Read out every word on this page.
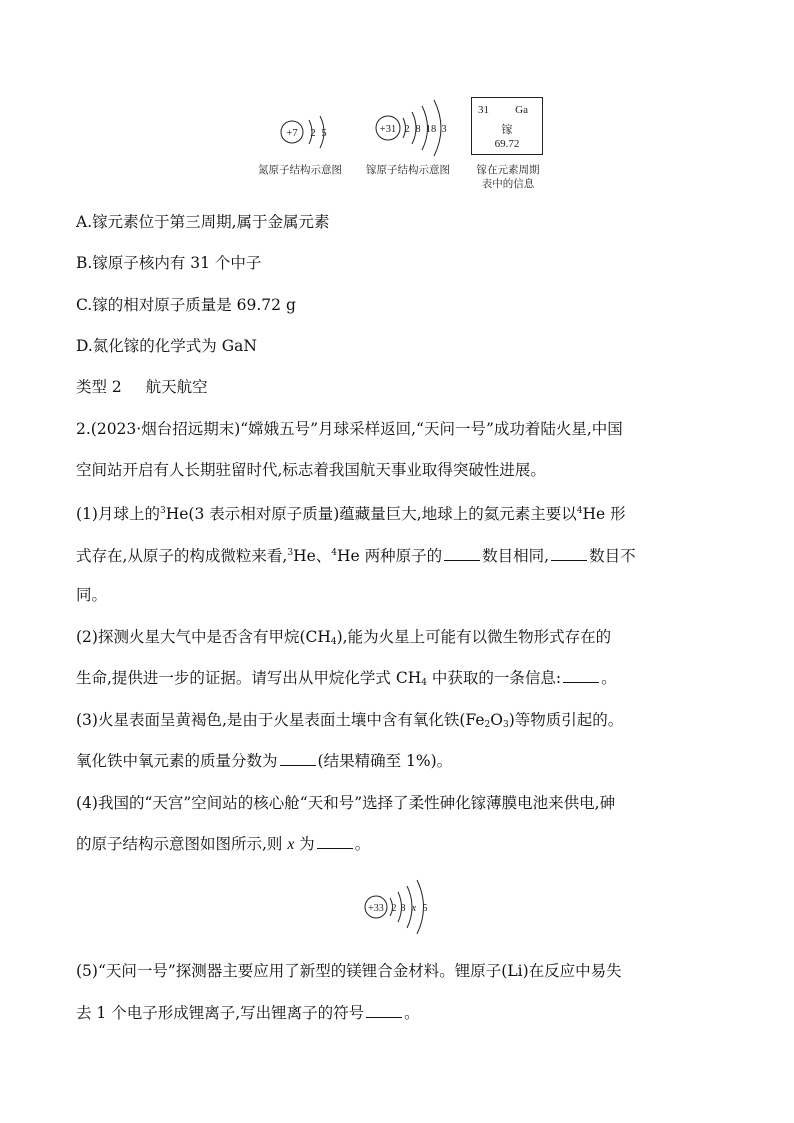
+7 2 5	+31 2 8 18 3
31 Ga
镓
69.72
氮原子结构示意图	镓原子结构示意图	镓在元素周期
表中的信息
A.镓元素位于第三周期,属于金属元素
B.镓原子核内有 31 个中子
C.镓的相对原子质量是 69.72 g
D.氮化镓的化学式为 GaN
类型 2 航天航空
2.(2023·烟台招远期末)“嫦娥五号”月球采样返回,“天问一号”成功着陆火星,中国
空间站开启有人长期驻留时代,标志着我国航天事业取得突破性进展。
(1)月球上的$^3$He(3 表示相对原子质量)蕴藏量巨大,地球上的氦元素主要以$^4$He 形
式存在,从原子的构成微粒来看,$^3$He、$^4$He 两种原子的	数目相同,	数目不
同。
(2)探测火星大气中是否含有甲烷$(CH_4)$,能为火星上可能有以微生物形式存在的
生命,提供进一步的证据。请写出从甲烷化学式 $CH_4$ 中获取的一条信息:	。
(3)火星表面呈黄褐色,是由于火星表面土壤中含有氧化铁$(Fe_2O_3)$等物质引起的。
氧化铁中氧元素的质量分数为	(结果精确至 1%)。
(4)我国的“天宫”空间站的核心舱“天和号”选择了柔性砷化镓薄膜电池来供电,砷
的原子结构示意图如图所示,则 x 为	。
+33 2 8 x 5
(5)“天问一号”探测器主要应用了新型的镁锂合金材料。锂原子(Li)在反应中易失
去 1 个电子形成锂离子,写出锂离子的符号	。
